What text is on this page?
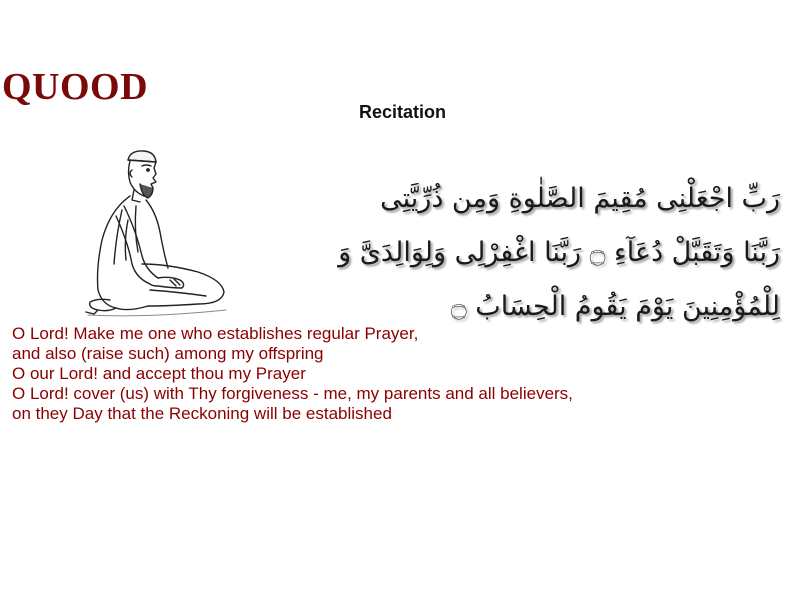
QUOOD
Recitation
رَبِّ اجْعَلْنِى مُقِيمَ الصَّلٰوةِ وَمِن ذُرِّيَّتِى
رَبَّنَا وَتَقَبَّلْ دُعَآءِ ۝ رَبَّنَا اغْفِرْلِى وَلِوَالِدَىَّ وَ
لِلْمُؤْمِنِينَ يَوْمَ يَقُومُ الْحِسَابُ ۝
O Lord! Make me one who establishes regular Prayer,
and also (raise such) among my offspring
O our Lord! and accept thou my Prayer
O Lord! cover (us) with Thy forgiveness - me, my parents and all believers,
on they Day that the Reckoning will be established
